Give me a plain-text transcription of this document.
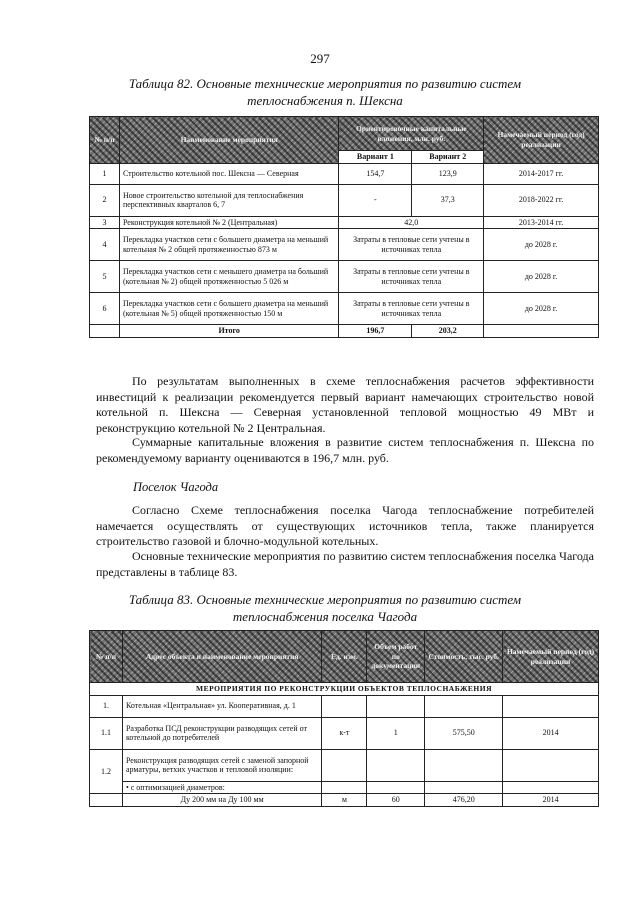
297
Таблица 82. Основные технические мероприятия по развитию систем
теплоснабжения п. Шексна
№ п/п	Наименование мероприятия	Ориентировочные капитальные вложения, млн. руб.		Намечаемый период (год) реализации
		Вариант 1	Вариант 2	
1	Строительство котельной пос. Шексна — Северная	154,7	123,9	2014-2017 гг.
2	Новое строительство котельной для теплоснабжения перспективных кварталов 6, 7	-	37,3	2018-2022 гг.
3	Реконструкция котельной № 2 (Центральная)	42,0		2013-2014 гг.
4	Перекладка участков сети с большего диаметра на меньший котельная № 2 общей протяженностью 873 м	Затраты в тепловые сети учтены в источниках тепла		до 2028 г.
5	Перекладка участков сети с меньшего диаметра на больший (котельная № 2) общей протяженностью 5 026 м	Затраты в тепловые сети учтены в источниках тепла		до 2028 г.
6	Перекладка участков сети с большего диаметра на меньший (котельная № 5) общей протяженностью 150 м	Затраты в тепловые сети учтены в источниках тепла		до 2028 г.
	Итого	196,7	203,2	

По результатам выполненных в схеме теплоснабжения расчетов эффективности инвестиций к реализации рекомендуется первый вариант намечающих строительство новой котельной п. Шексна — Северная установленной тепловой мощностью 49 МВт и реконструкцию котельной № 2 Центральная.

Суммарные капитальные вложения в развитие систем теплоснабжения п. Шексна по рекомендуемому варианту оцениваются в 196,7 млн. руб.

Поселок Чагода

Согласно Схеме теплоснабжения поселка Чагода теплоснабжение потребителей намечается осуществлять от существующих источников тепла, также планируется строительство газовой и блочно-модульной котельных.

Основные технические мероприятия по развитию систем теплоснабжения поселка Чагода представлены в таблице 83.

Таблица 83. Основные технические мероприятия по развитию систем
теплоснабжения поселка Чагода
№ п/п	Адрес объекта и наименование мероприятия	Ед. изм.	Объем работ по документации	Стоимость, тыс. руб.	Намечаемый период (год) реализации
МЕРОПРИЯТИЯ ПО РЕКОНСТРУКЦИИ ОБЪЕКТОВ ТЕПЛОСНАБЖЕНИЯ					
1.	Котельная «Центральная» ул. Кооперативная, д. 1				
1.1	Разработка ПСД реконструкции разводящих сетей от котельной до потребителей	к-т	1	575,50	2014
1.2	Реконструкция разводящих сетей с заменой запорной арматуры, ветхих участков и тепловой изоляции:				
	• с оптимизацией диаметров:				
	Ду 200 мм на Ду 100 мм	м	60	476,20	2014
